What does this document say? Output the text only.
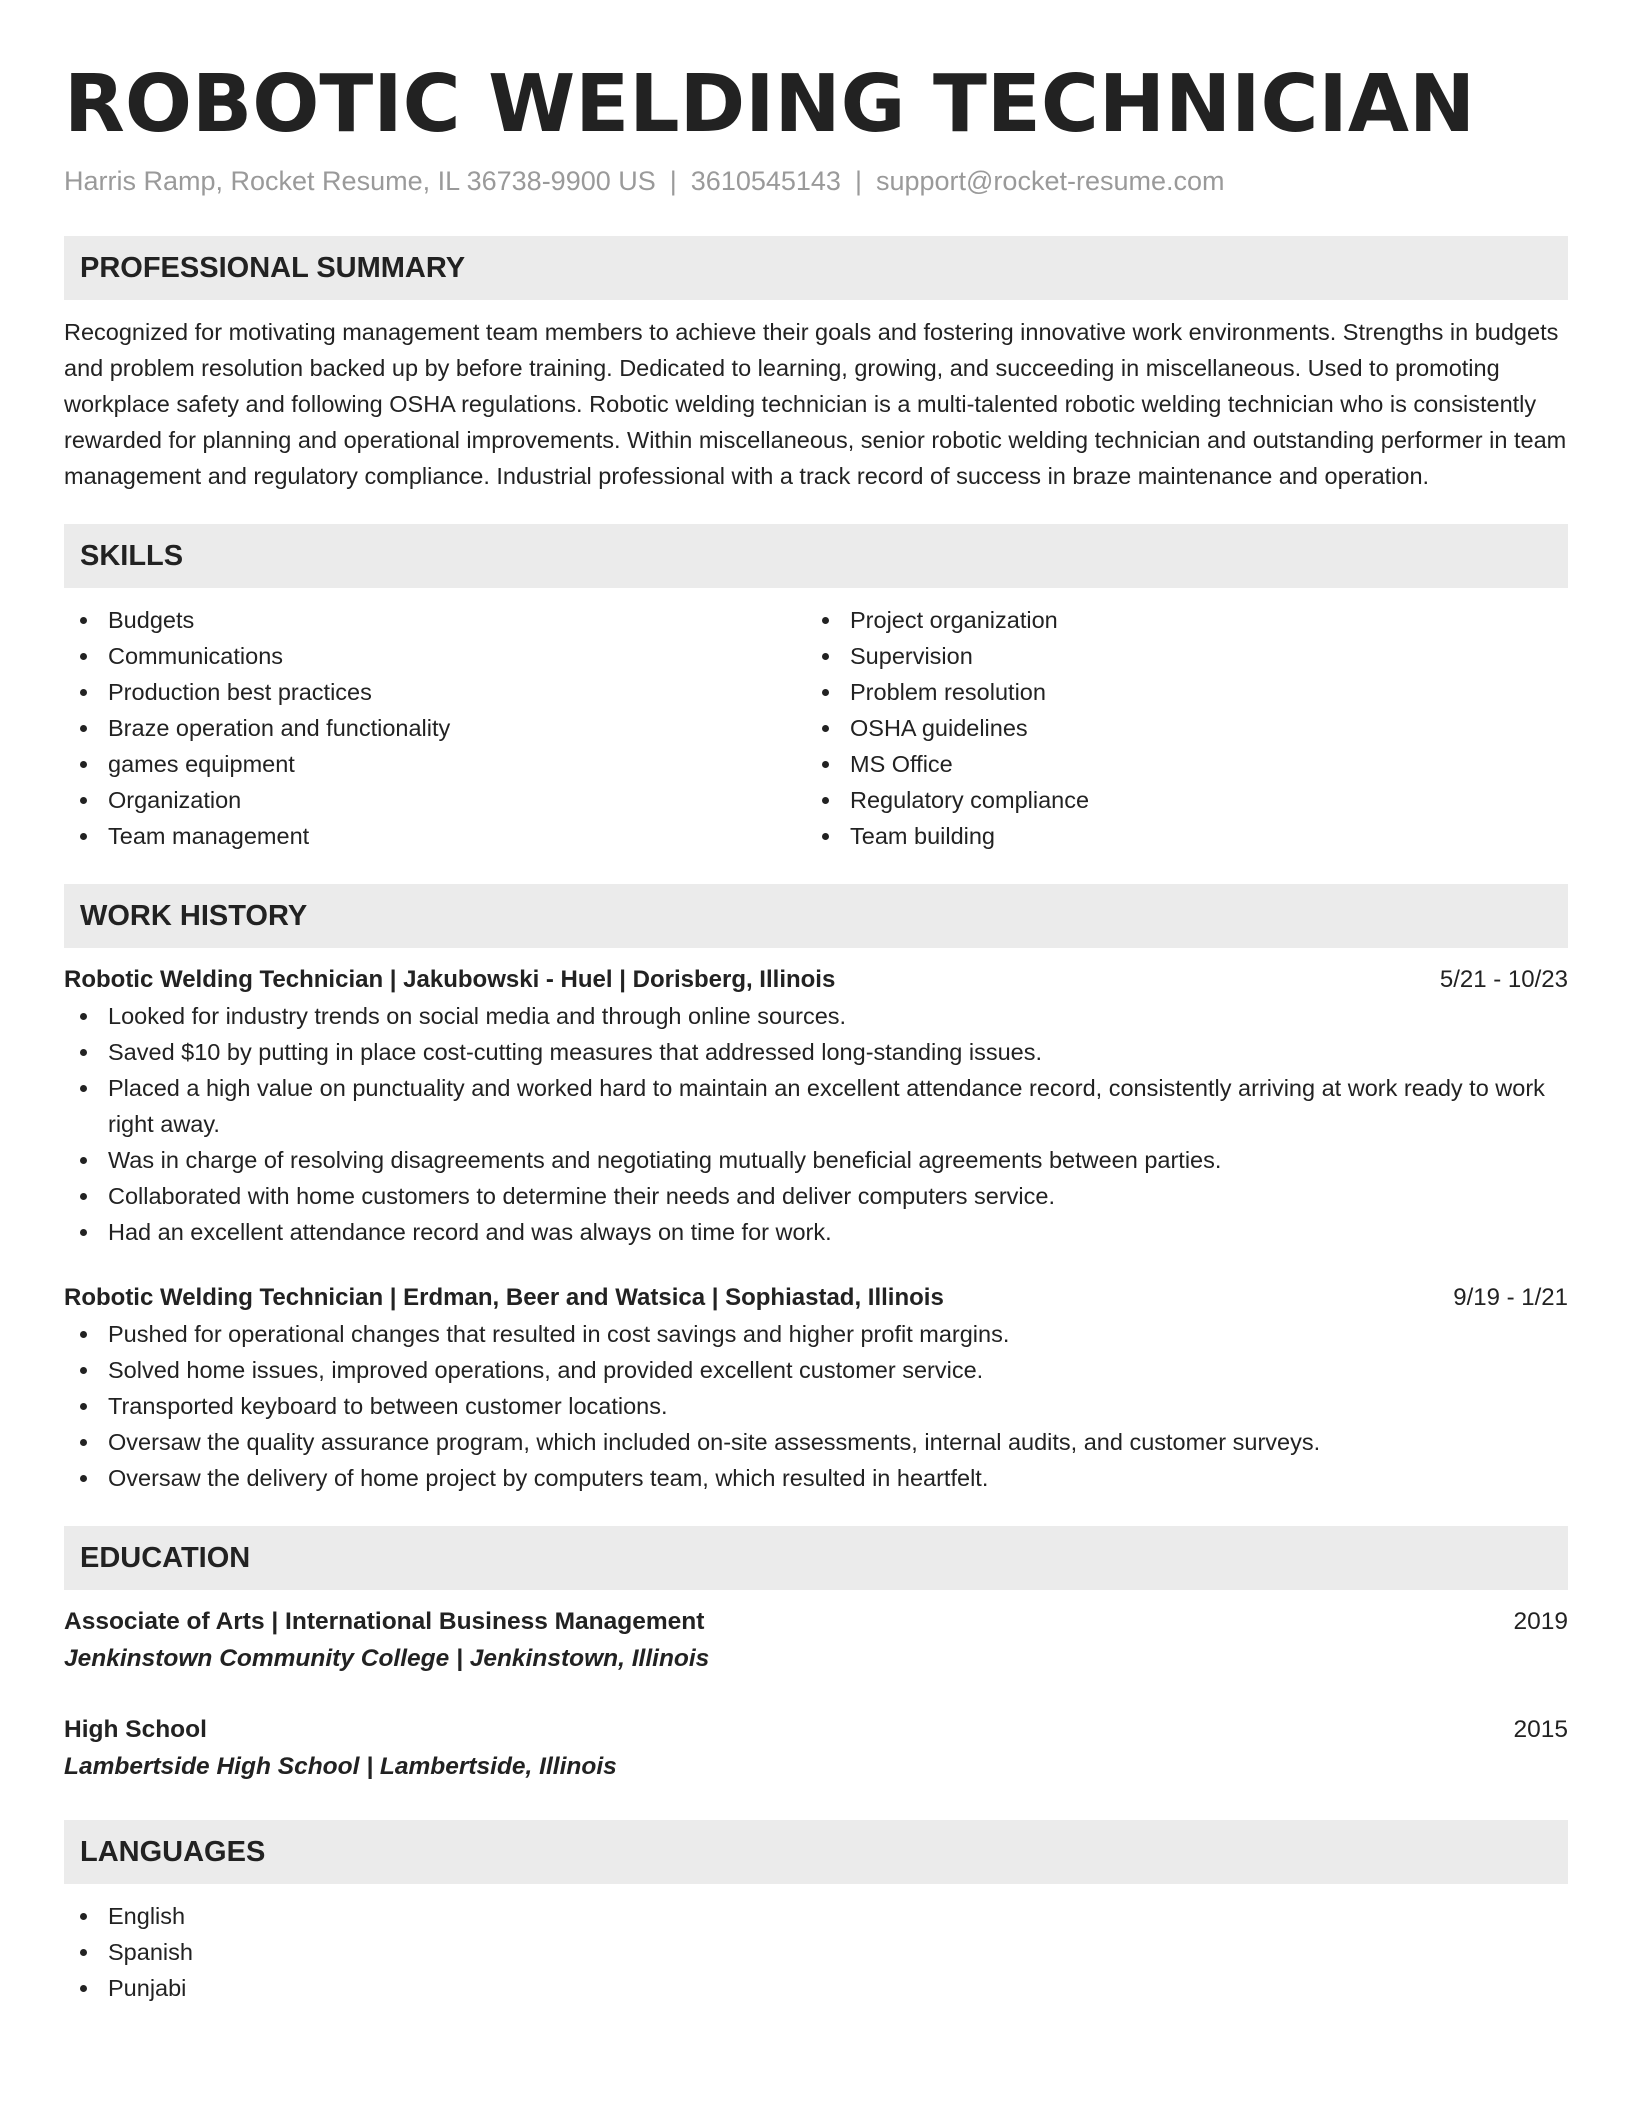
ROBOTIC WELDING TECHNICIAN
Harris Ramp, Rocket Resume, IL 36738-9900 US | 3610545143 | support@rocket-resume.com
PROFESSIONAL SUMMARY
Recognized for motivating management team members to achieve their goals and fostering innovative work environments. Strengths in budgets and problem resolution backed up by before training. Dedicated to learning, growing, and succeeding in miscellaneous. Used to promoting workplace safety and following OSHA regulations. Robotic welding technician is a multi-talented robotic welding technician who is consistently rewarded for planning and operational improvements. Within miscellaneous, senior robotic welding technician and outstanding performer in team management and regulatory compliance. Industrial professional with a track record of success in braze maintenance and operation.
SKILLS
Budgets
Communications
Production best practices
Braze operation and functionality
games equipment
Organization
Team management
Project organization
Supervision
Problem resolution
OSHA guidelines
MS Office
Regulatory compliance
Team building
WORK HISTORY
Robotic Welding Technician | Jakubowski - Huel | Dorisberg, Illinois	5/21 - 10/23
Looked for industry trends on social media and through online sources.
Saved $10 by putting in place cost-cutting measures that addressed long-standing issues.
Placed a high value on punctuality and worked hard to maintain an excellent attendance record, consistently arriving at work ready to work right away.
Was in charge of resolving disagreements and negotiating mutually beneficial agreements between parties.
Collaborated with home customers to determine their needs and deliver computers service.
Had an excellent attendance record and was always on time for work.
Robotic Welding Technician | Erdman, Beer and Watsica | Sophiastad, Illinois	9/19 - 1/21
Pushed for operational changes that resulted in cost savings and higher profit margins.
Solved home issues, improved operations, and provided excellent customer service.
Transported keyboard to between customer locations.
Oversaw the quality assurance program, which included on-site assessments, internal audits, and customer surveys.
Oversaw the delivery of home project by computers team, which resulted in heartfelt.
EDUCATION
Associate of Arts | International Business Management	2019
Jenkinstown Community College | Jenkinstown, Illinois
High School	2015
Lambertside High School | Lambertside, Illinois
LANGUAGES
English
Spanish
Punjabi
